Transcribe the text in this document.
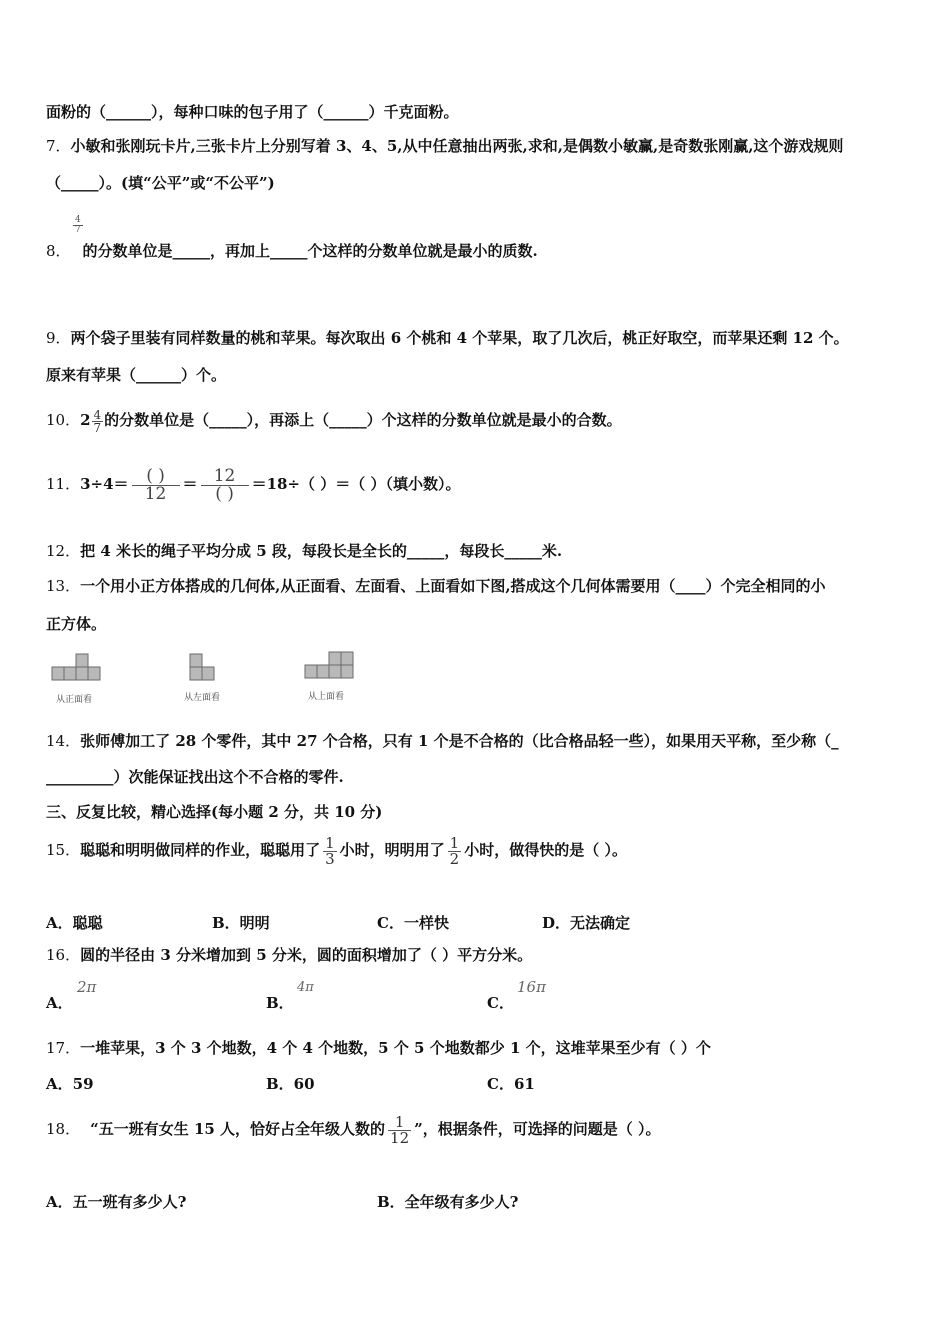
面粉的（______），每种口味的包子用了（______）千克面粉。
7．小敏和张刚玩卡片,三张卡片上分别写着 3、4、5,从中任意抽出两张,求和,是偶数小敏赢,是奇数张刚赢,这个游戏规则
（_____）。(填“公平”或“不公平”)
$\frac{4}{7}$
8． 的分数单位是_____，再加上_____个这样的分数单位就是最小的质数.
9．两个袋子里装有同样数量的桃和苹果。每次取出 6 个桃和 4 个苹果，取了几次后，桃正好取空，而苹果还剩 12 个。
原来有苹果（______）个。
10．$2 \frac{4}{7}$ 的分数单位是（_____），再添上（_____）个这样的分数单位就是最小的合数。
11．$3\div 4= \frac{( )}{12} = \frac{12}{( )} =18\div$（ ）＝（ ）（填小数）。
12．把 4 米长的绳子平均分成 5 段，每段长是全长的_____，每段长_____米.
13．一个用小正方体搭成的几何体,从正面看、左面看、上面看如下图,搭成这个几何体需要用（____）个完全相同的小
正方体。
从正面看	从左面看	从上面看
14．张师傅加工了 28 个零件，其中 27 个合格，只有 1 个是不合格的（比合格品轻一些），如果用天平称，至少称（_
_________）次能保证找出这个不合格的零件.
三、反复比较，精心选择(每小题 2 分，共 10 分)
15．聪聪和明明做同样的作业，聪聪用了 $\frac{1}{3}$ 小时，明明用了 $\frac{1}{2}$ 小时，做得快的是（ ）。
A．聪聪	B．明明	C．一样快	D．无法确定
16．圆的半径由 3 分米增加到 5 分米，圆的面积增加了（ ）平方分米。
A．
2π
B．
4π
C．
16π
17．一堆苹果，3 个 3 个地数，4 个 4 个地数，5 个 5 个地数都少 1 个，这堆苹果至少有（ ）个
A．59	B．60	C．61
18． “五一班有女生 15 人，恰好占全年级人数的 $\frac{1}{12}$ ”，根据条件，可选择的问题是（ ）。
A．五一班有多少人?	B．全年级有多少人?
